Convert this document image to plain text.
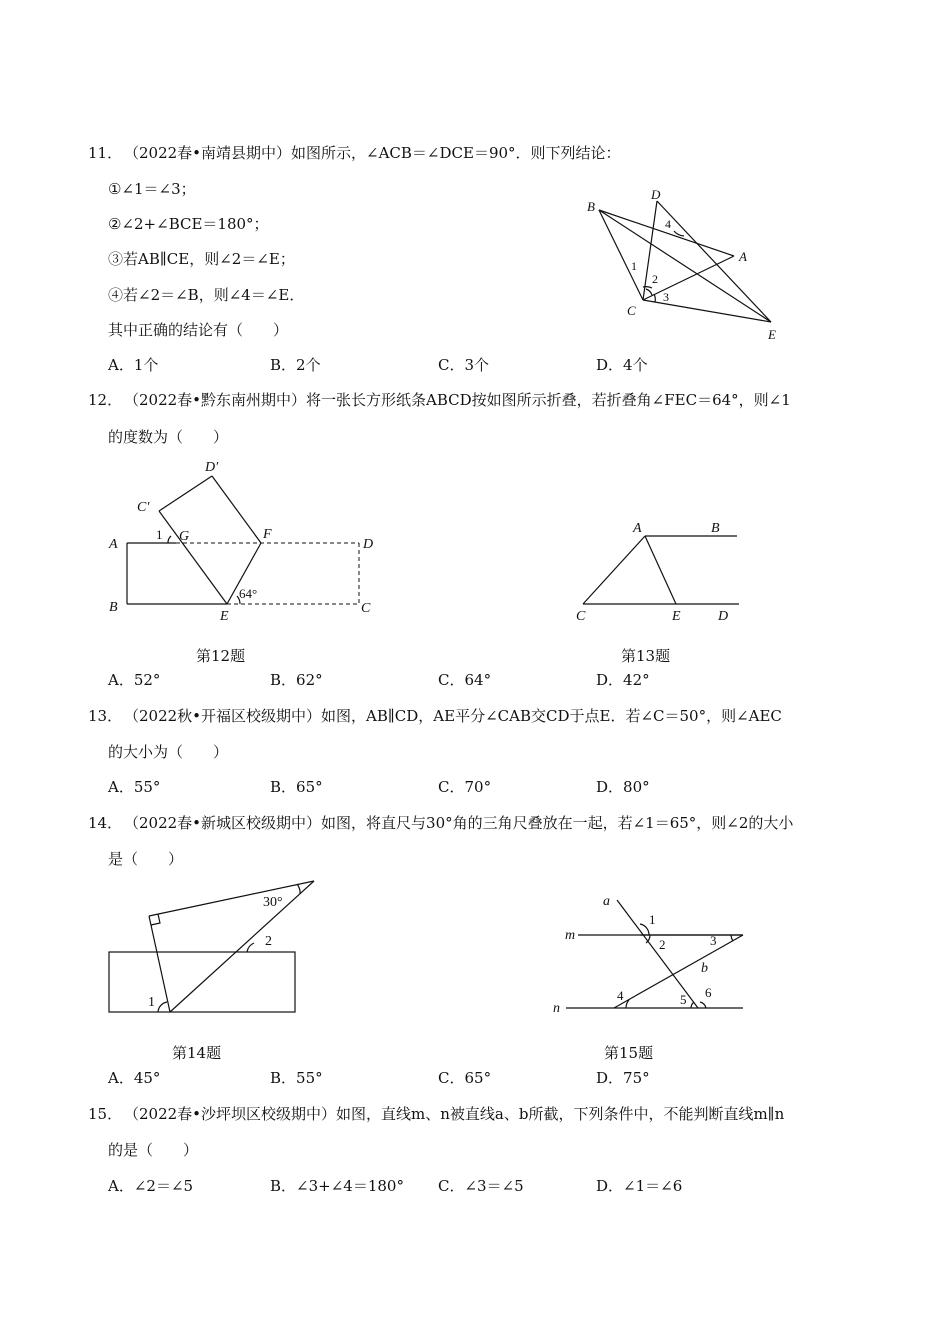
11． （2022春•南靖县期中）如图所示，∠ACB＝∠DCE＝90°．则下列结论：
①∠1＝∠3；
②∠2+∠BCE＝180°；
③若AB∥CE，则∠2＝∠E；
④若∠2＝∠B，则∠4＝∠E．
其中正确的结论有（　　）
A．1个	B．2个	C．3个	D．4个
B
D
A
C
E
1
2
3
4
12． （2022春•黔东南州期中）将一张长方形纸条ABCD按如图所示折叠，若折叠角∠FEC＝64°，则∠1
的度数为（　　）
D′
C′
A
G	F
D
B
E
C
1
64°
第12题
A	B
C	E	D
第13题
A．52°	B．62°	C．64°	D．42°
13． （2022秋•开福区校级期中）如图，AB∥CD，AE平分∠CAB交CD于点E．若∠C＝50°，则∠AEC
的大小为（　　）
A．55°	B．65°	C．70°	D．80°
14． （2022春•新城区校级期中）如图，将直尺与30°角的三角尺叠放在一起，若∠1＝65°，则∠2的大小
是（　　）
30°
2
1
第14题
a
m
n
b
1
2	3
4	5 6
第15题
A．45°	B．55°	C．65°	D．75°
15． （2022春•沙坪坝区校级期中）如图，直线m、n被直线a、b所截，下列条件中，不能判断直线m∥n
的是（　　）
A．∠2＝∠5	B．∠3+∠4＝180° C．∠3＝∠5	D．∠1＝∠6
